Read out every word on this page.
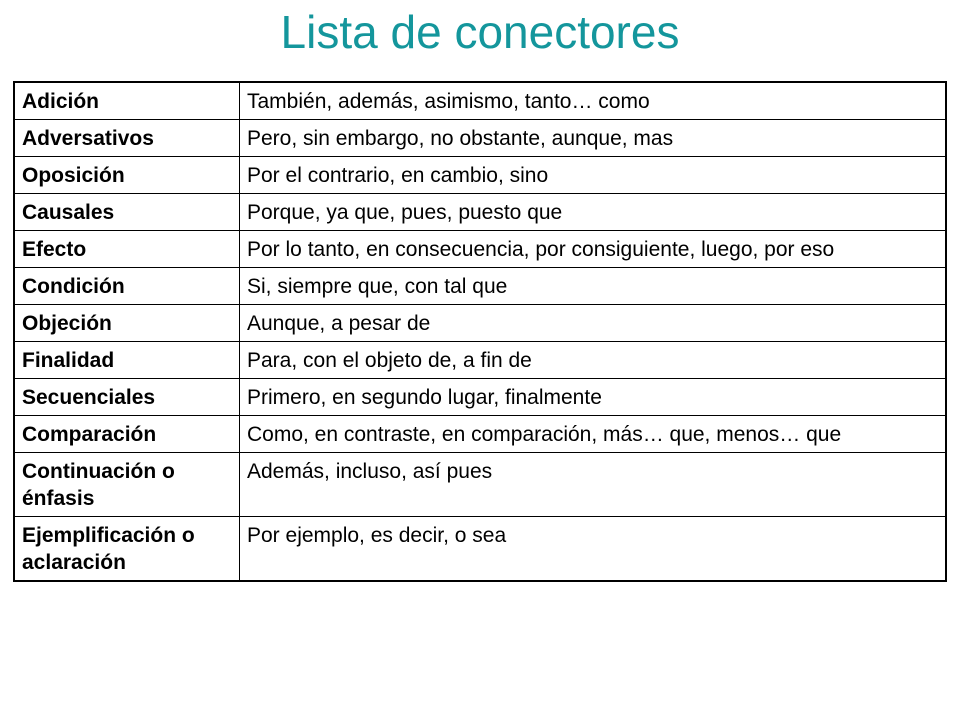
Lista de conectores
Adición	También, además, asimismo, tanto… como
Adversativos	Pero, sin embargo, no obstante, aunque, mas
Oposición	Por el contrario, en cambio, sino
Causales	Porque, ya que, pues, puesto que
Efecto	Por lo tanto, en consecuencia, por consiguiente, luego, por eso
Condición	Si, siempre que, con tal que
Objeción	Aunque, a pesar de
Finalidad	Para, con el objeto de, a fin de
Secuenciales	Primero, en segundo lugar, finalmente
Comparación	Como, en contraste, en comparación, más… que, menos… que
Continuación o énfasis	Además, incluso, así pues
Ejemplificación o aclaración	Por ejemplo, es decir, o sea
